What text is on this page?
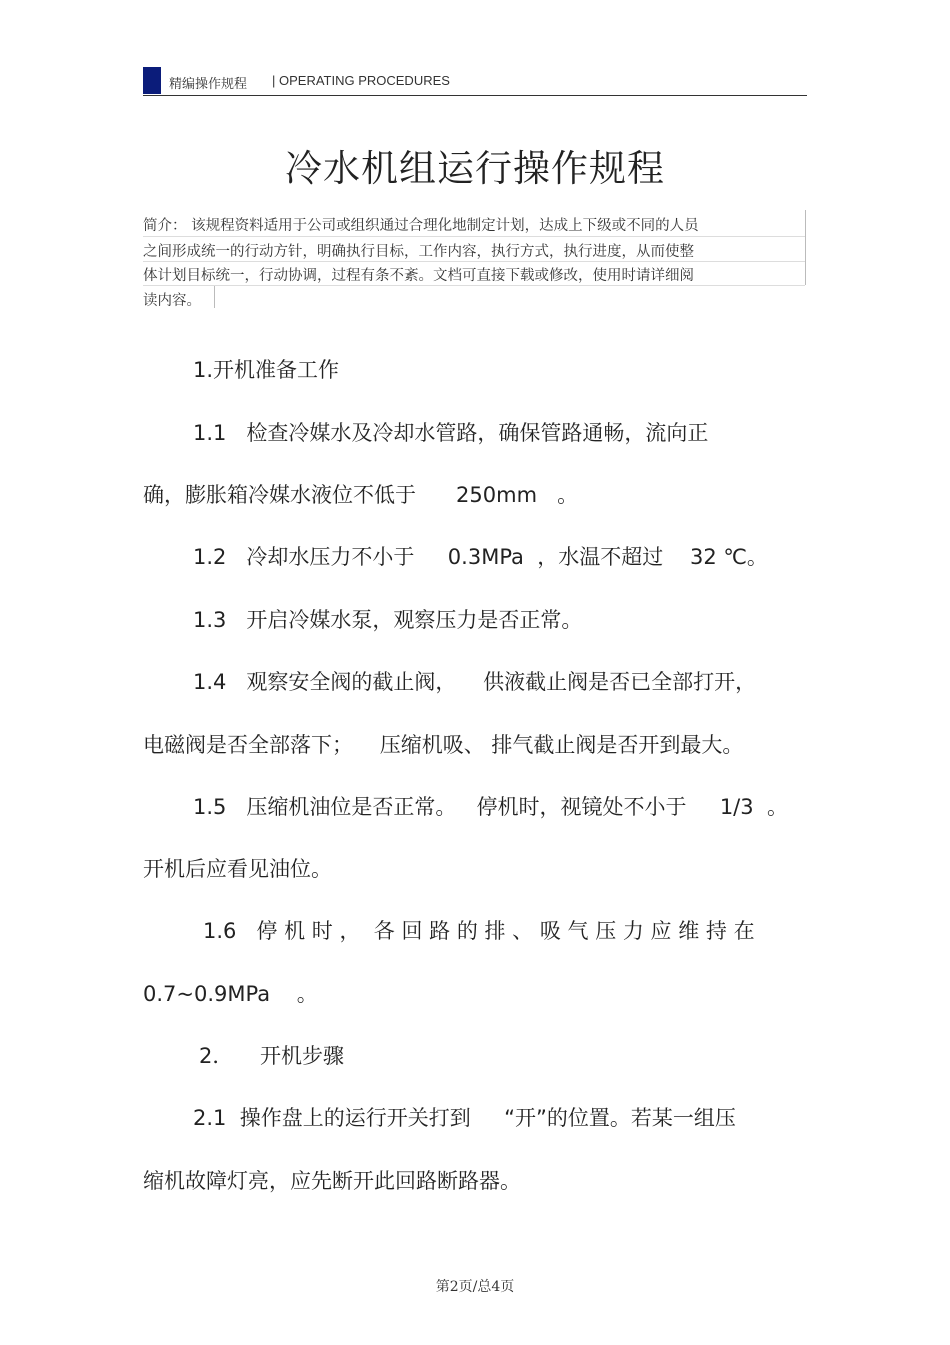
精编操作规程 | OPERATING PROCEDURES
冷水机组运行操作规程
简介： 该规程资料适用于公司或组织通过合理化地制定计划，达成上下级或不同的人员
之间形成统一的行动方针，明确执行目标，工作内容，执行方式，执行进度，从而使整
体计划目标统一，行动协调，过程有条不紊。文档可直接下载或修改，使用时请详细阅
读内容。
1.开机准备工作
1.1   检查冷媒水及冷却水管路，确保管路通畅，流向正
确，膨胀箱冷媒水液位不低于      250mm   。
1.2   冷却水压力不小于     0.3MPa  ，水温不超过    32 ℃。
1.3   开启冷媒水泵，观察压力是否正常。
1.4   观察安全阀的截止阀，    供液截止阀是否已全部打开，
电磁阀是否全部落下；    压缩机吸、 排气截止阀是否开到最大。
1.5   压缩机油位是否正常。   停机时，视镜处不小于     1/3  。
开机后应看见油位。
1.6   停 机 时 ，  各 回 路 的 排 、 吸 气 压 力 应 维 持 在
0.7~0.9MPa    。
2．    开机步骤
2.1  操作盘上的运行开关打到     “开”的位置。若某一组压
缩机故障灯亮，应先断开此回路断路器。
第2页/总4页
